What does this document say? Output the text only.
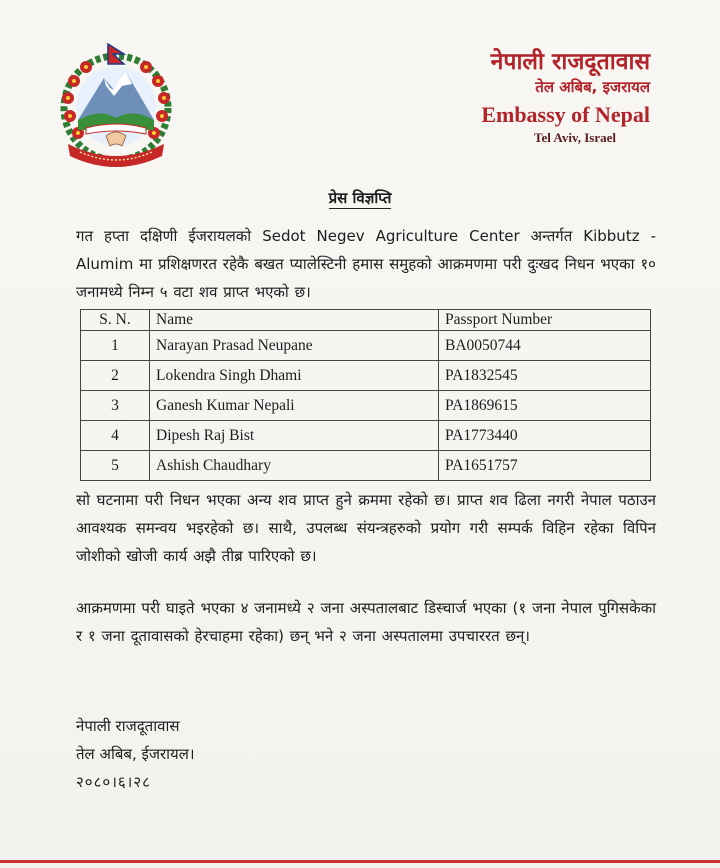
नेपाली राजदूतावास
तेल अबिब, इजरायल
Embassy of Nepal
Tel Aviv, Israel
प्रेस विज्ञप्ति
गत हप्ता दक्षिणी ईजरायलको Sedot Negev Agriculture Center अन्तर्गत Kibbutz - Alumim मा प्रशिक्षणरत रहेकै बखत प्यालेस्टिनी हमास समुहको आक्रमणमा परी दुःखद निधन भएका १० जनामध्ये निम्न ५ वटा शव प्राप्त भएको छ।
S. N.	Name	Passport Number
1	Narayan Prasad Neupane	BA0050744
2	Lokendra Singh Dhami	PA1832545
3	Ganesh Kumar Nepali	PA1869615
4	Dipesh Raj Bist	PA1773440
5	Ashish Chaudhary	PA1651757
सो घटनामा परी निधन भएका अन्य शव प्राप्त हुने क्रममा रहेको छ। प्राप्त शव ढिला नगरी नेपाल पठाउन आवश्यक समन्वय भइरहेको छ। साथै, उपलब्ध संयन्त्रहरुको प्रयोग गरी सम्पर्क विहिन रहेका विपिन जोशीको खोजी कार्य अझै तीब्र पारिएको छ।
आक्रमणमा परी घाइते भएका ४ जनामध्ये २ जना अस्पतालबाट डिस्चार्ज भएका (१ जना नेपाल पुगिसकेका र १ जना दूतावासको हेरचाहमा रहेका) छन् भने २ जना अस्पतालमा उपचाररत छन्।
नेपाली राजदूतावास
तेल अबिब, ईजरायल।
२०८०।६।२८
